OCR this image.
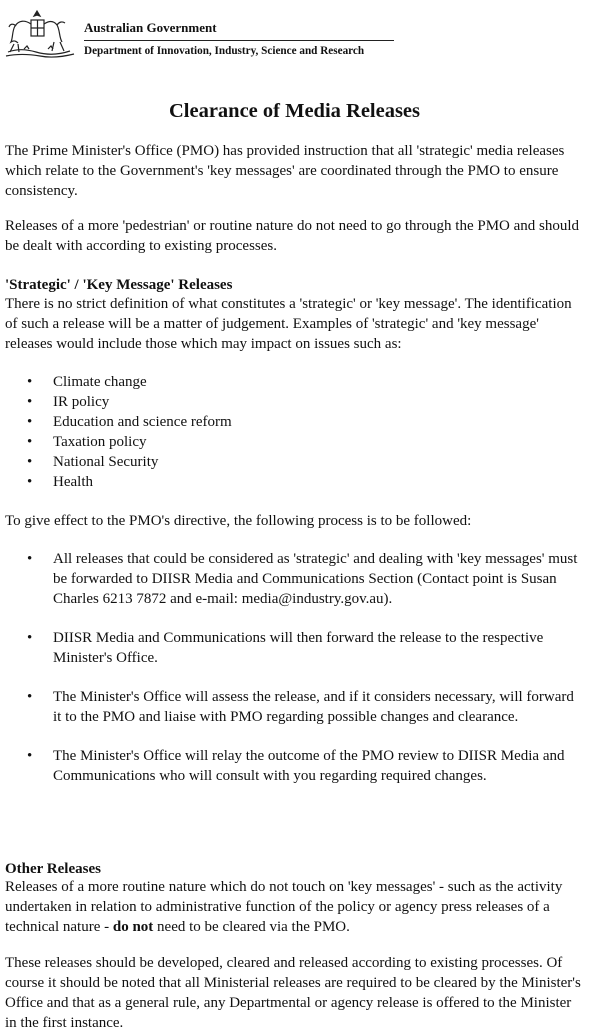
Australian Government
Department of Innovation, Industry, Science and Research
Clearance of Media Releases

The Prime Minister's Office (PMO) has provided instruction that all 'strategic' media releases which relate to the Government's 'key messages' are coordinated through the PMO to ensure consistency.

Releases of a more 'pedestrian' or routine nature do not need to go through the PMO and should be dealt with according to existing processes.

'Strategic' / 'Key Message' Releases

There is no strict definition of what constitutes a 'strategic' or 'key message'. The identification of such a release will be a matter of judgement. Examples of 'strategic' and 'key message' releases would include those which may impact on issues such as:

• Climate change
• IR policy
• Education and science reform
• Taxation policy
• National Security
• Health

To give effect to the PMO's directive, the following process is to be followed:

• All releases that could be considered as 'strategic' and dealing with 'key messages' must be forwarded to DIISR Media and Communications Section (Contact point is Susan Charles 6213 7872 and e-mail: media@industry.gov.au).
• DIISR Media and Communications will then forward the release to the respective Minister's Office.
• The Minister's Office will assess the release, and if it considers necessary, will forward it to the PMO and liaise with PMO regarding possible changes and clearance.
• The Minister's Office will relay the outcome of the PMO review to DIISR Media and Communications who will consult with you regarding required changes.
Other Releases

Releases of a more routine nature which do not touch on 'key messages' - such as the activity undertaken in relation to administrative function of the policy or agency press releases of a technical nature - do not need to be cleared via the PMO.

These releases should be developed, cleared and released according to existing processes. Of course it should be noted that all Ministerial releases are required to be cleared by the Minister's Office and that as a general rule, any Departmental or agency release is offered to the Minister in the first instance.
